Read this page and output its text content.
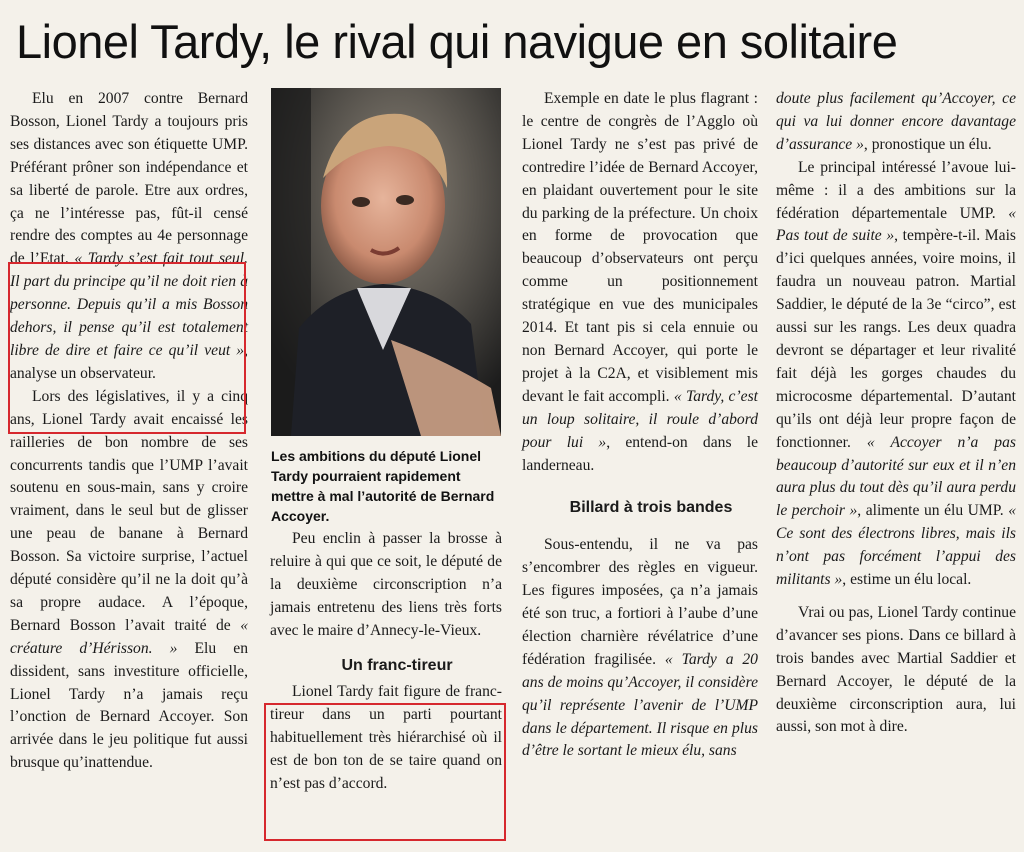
Lionel Tardy, le rival qui navigue en solitaire

Elu en 2007 contre Bernard Bosson, Lionel Tardy a toujours pris ses distances avec son étiquette UMP. Préférant prôner son indépendance et sa liberté de parole. Etre aux ordres, ça ne l’intéresse pas, fût-il censé rendre des comptes au 4e personnage de l’Etat. « Tardy s’est fait tout seul. Il part du principe qu’il ne doit rien à personne. Depuis qu’il a mis Bosson dehors, il pense qu’il est totalement libre de dire et faire ce qu’il veut », analyse un observateur.

Lors des législatives, il y a cinq ans, Lionel Tardy avait encaissé les railleries de bon nombre de ses concurrents tandis que l’UMP l’avait soutenu en sous-main, sans y croire vraiment, dans le seul but de glisser une peau de banane à Bernard Bosson. Sa victoire surprise, l’actuel député considère qu’il ne la doit qu’à sa propre audace. A l’époque, Bernard Bosson l’avait traité de « créature d’Hérisson. » Elu en dissident, sans investiture officielle, Lionel Tardy n’a jamais reçu l’onction de Bernard Accoyer. Son arrivée dans le jeu politique fut aussi brusque qu’inattendue.

Les ambitions du député Lionel Tardy pourraient rapidement mettre à mal l’autorité de Bernard Accoyer.

Peu enclin à passer la brosse à reluire à qui que ce soit, le député de la deuxième circonscription n’a jamais entretenu des liens très forts avec le maire d’Annecy-le-Vieux.

Un franc-tireur

Lionel Tardy fait figure de franc-tireur dans un parti pourtant habituellement très hiérarchisé où il est de bon ton de se taire quand on n’est pas d’accord.

Exemple en date le plus flagrant : le centre de congrès de l’Agglo où Lionel Tardy ne s’est pas privé de contredire l’idée de Bernard Accoyer, en plaidant ouvertement pour le site du parking de la préfecture. Un choix en forme de provocation que beaucoup d’observateurs ont perçu comme un positionnement stratégique en vue des municipales 2014. Et tant pis si cela ennuie ou non Bernard Accoyer, qui porte le projet à la C2A, et visiblement mis devant le fait accompli. « Tardy, c’est un loup solitaire, il roule d’abord pour lui », entend-on dans le landerneau.

Billard à trois bandes

Sous-entendu, il ne va pas s’encombrer des règles en vigueur. Les figures imposées, ça n’a jamais été son truc, a fortiori à l’aube d’une élection charnière révélatrice d’une fédération fragilisée. « Tardy a 20 ans de moins qu’Accoyer, il considère qu’il représente l’avenir de l’UMP dans le département. Il risque en plus d’être le sortant le mieux élu, sans

doute plus facilement qu’Accoyer, ce qui va lui donner encore davantage d’assurance », pronostique un élu.

Le principal intéressé l’avoue lui-même : il a des ambitions sur la fédération départementale UMP. « Pas tout de suite », tempère-t-il. Mais d’ici quelques années, voire moins, il faudra un nouveau patron. Martial Saddier, le député de la 3e “circo”, est aussi sur les rangs. Les deux quadra devront se départager et leur rivalité fait déjà les gorges chaudes du microcosme départemental. D’autant qu’ils ont déjà leur propre façon de fonctionner. « Accoyer n’a pas beaucoup d’autorité sur eux et il n’en aura plus du tout dès qu’il aura perdu le perchoir », alimente un élu UMP. « Ce sont des électrons libres, mais ils n’ont pas forcément l’appui des militants », estime un élu local.

Vrai ou pas, Lionel Tardy continue d’avancer ses pions. Dans ce billard à trois bandes avec Martial Saddier et Bernard Accoyer, le député de la deuxième circonscription aura, lui aussi, son mot à dire.
